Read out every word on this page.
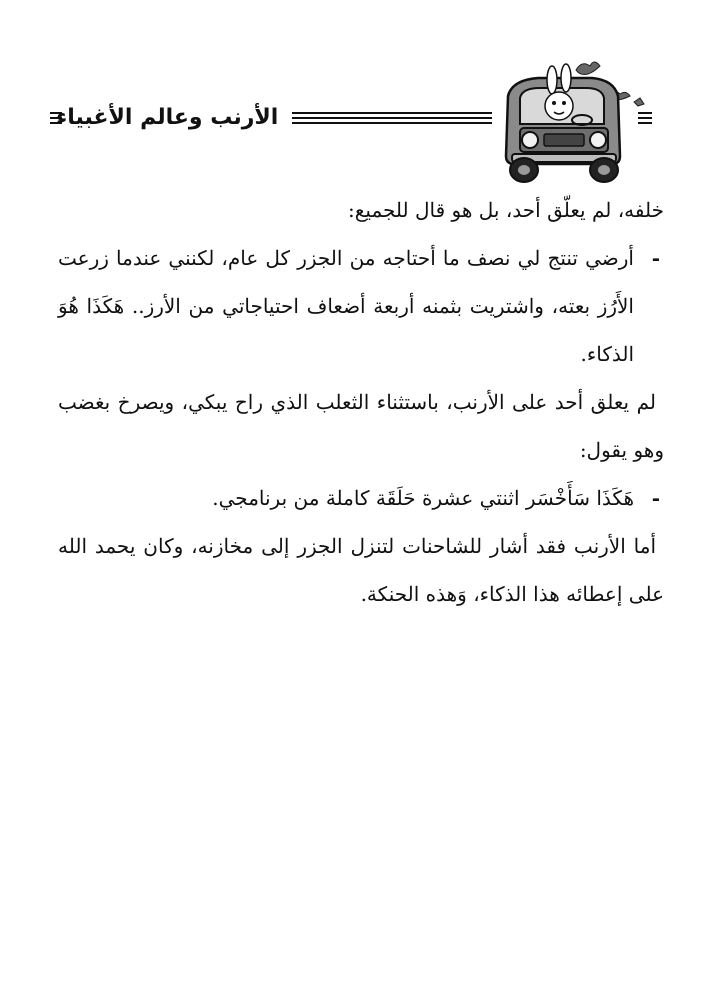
الأرنب وعالم الأغبياء

خلفه، لم يعلّق أحد، بل هو قال للجميع:

-
أرضي تنتج لي نصف ما أحتاجه من الجزر كل عام، لكنني عندما زرعت الأَرُز بعته، واشتريت بثمنه أربعة أضعاف احتياجاتي من الأرز.. هَكَذَا هُوَ الذكاء.

لم يعلق أحد على الأرنب، باستثناء الثعلب الذي راح يبكي، ويصرخ بغضب وهو يقول:

-
هَكَذَا سَأَخْسَر اثنتي عشرة حَلَقَة كاملة من برنامجي.

أما الأرنب فقد أشار للشاحنات لتنزل الجزر إلى مخازنه، وكان يحمد الله على إعطائه هذا الذكاء، وَهذه الحنكة.
